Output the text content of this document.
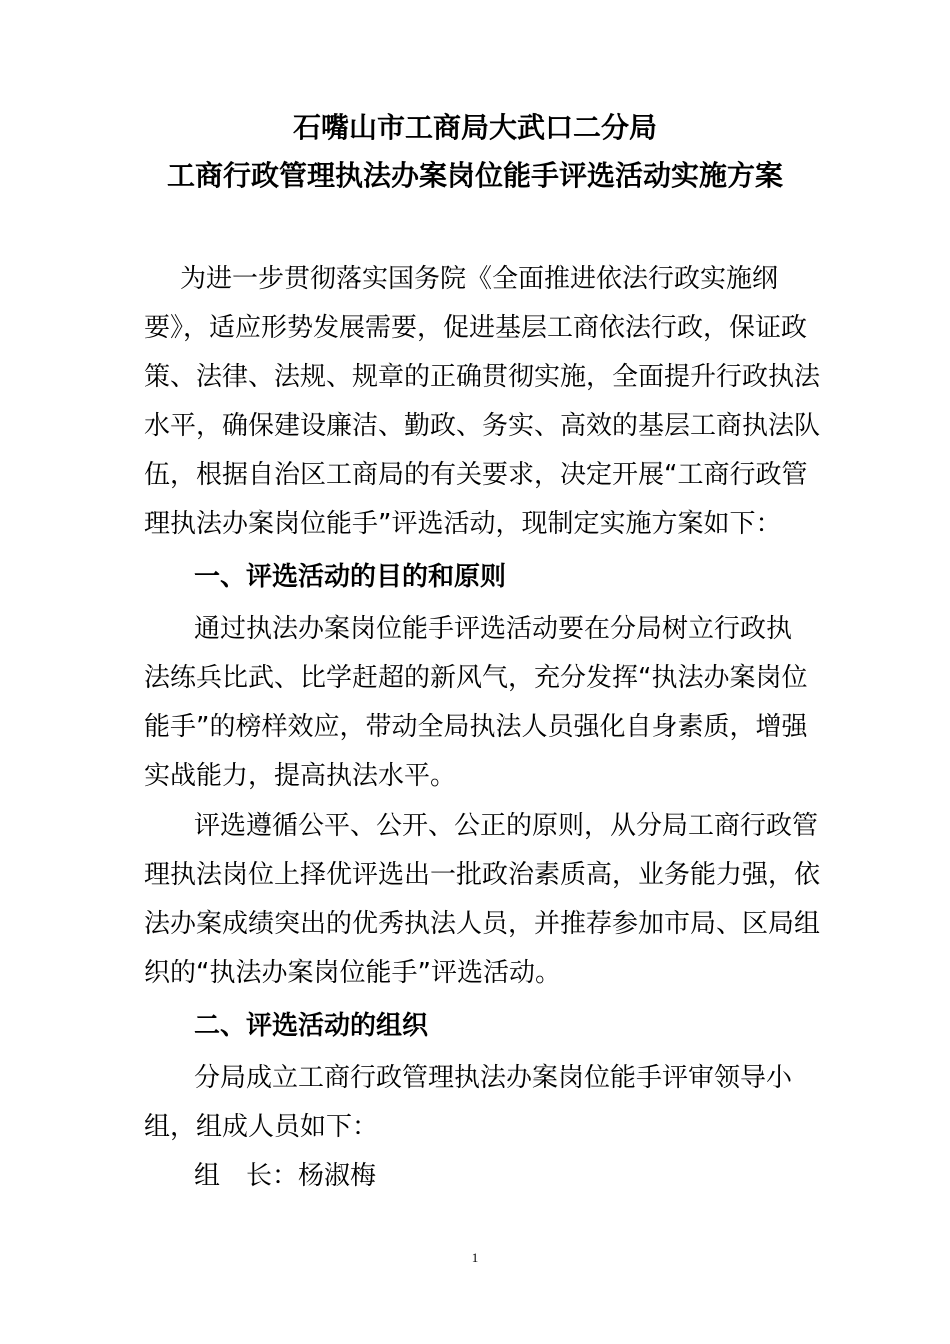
石嘴山市工商局大武口二分局
工商行政管理执法办案岗位能手评选活动实施方案
为进一步贯彻落实国务院《全面推进依法行政实施纲
要》，适应形势发展需要，促进基层工商依法行政，保证政
策、法律、法规、规章的正确贯彻实施，全面提升行政执法
水平，确保建设廉洁、勤政、务实、高效的基层工商执法队
伍，根据自治区工商局的有关要求，决定开展“工商行政管
理执法办案岗位能手”评选活动，现制定实施方案如下：
一、评选活动的目的和原则
通过执法办案岗位能手评选活动要在分局树立行政执
法练兵比武、比学赶超的新风气，充分发挥“执法办案岗位
能手”的榜样效应，带动全局执法人员强化自身素质，增强
实战能力，提高执法水平。
评选遵循公平、公开、公正的原则，从分局工商行政管
理执法岗位上择优评选出一批政治素质高，业务能力强，依
法办案成绩突出的优秀执法人员，并推荐参加市局、区局组
织的“执法办案岗位能手”评选活动。
二、评选活动的组织
分局成立工商行政管理执法办案岗位能手评审领导小
组，组成人员如下：
组　长：杨淑梅
1
